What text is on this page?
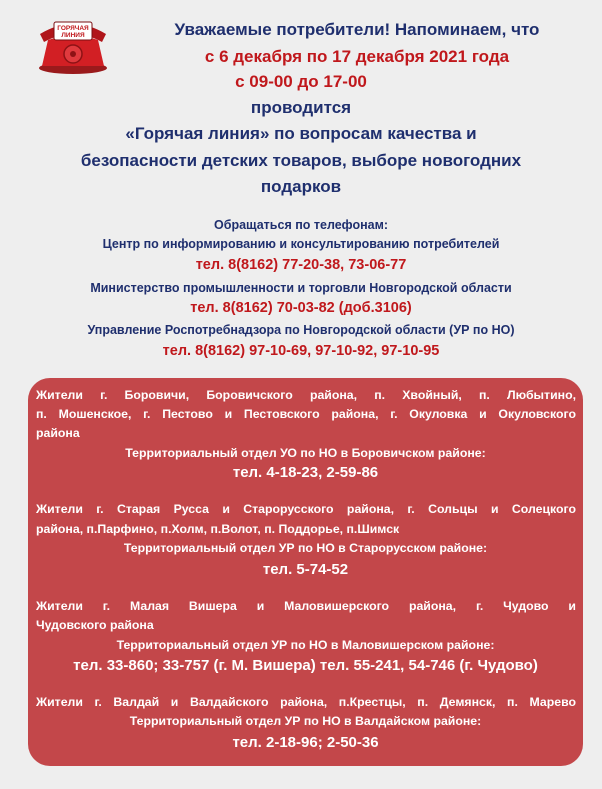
ГОРЯЧАЯ
ЛИНИЯ	Уважаемые потребители! Напоминаем, что
с 6 декабря по 17 декабря 2021 года
с 09-00 до 17-00
проводится
«Горячая линия» по вопросам качества и
безопасности детских товаров, выборе новогодних
подарков
Обращаться по телефонам:
Центр по информированию и консультированию потребителей
тел. 8(8162) 77-20-38, 73-06-77
Министерство промышленности и торговли Новгородской области
тел. 8(8162) 70-03-82 (доб.3106)
Управление Роспотребнадзора по Новгородской области (УР по НО)
тел. 8(8162) 97-10-69, 97-10-92, 97-10-95
Жители г. Боровичи, Боровичского района, п. Хвойный, п. Любытино,
п. Мошенское, г. Пестово и Пестовского района, г. Окуловка и Окуловского
района
Территориальный отдел УО по НО в Боровичском районе:
тел. 4-18-23, 2-59-86
Жители г. Старая Русса и Старорусского района, г. Сольцы и Солецкого
района, п.Парфино, п.Холм, п.Волот, п. Поддорье, п.Шимск
Территориальный отдел УР по НО в Старорусском районе:
тел. 5-74-52
Жители г. Малая Вишера и Маловишерского района, г. Чудово и
Чудовского района
Территориальный отдел УР по НО в Маловишерском районе:
тел. 33-860; 33-757 (г. М. Вишера) тел. 55-241, 54-746 (г. Чудово)
Жители г. Валдай и Валдайского района, п.Крестцы, п. Демянск, п. Марево
Территориальный отдел УР по НО в Валдайском районе:
тел. 2-18-96; 2-50-36
